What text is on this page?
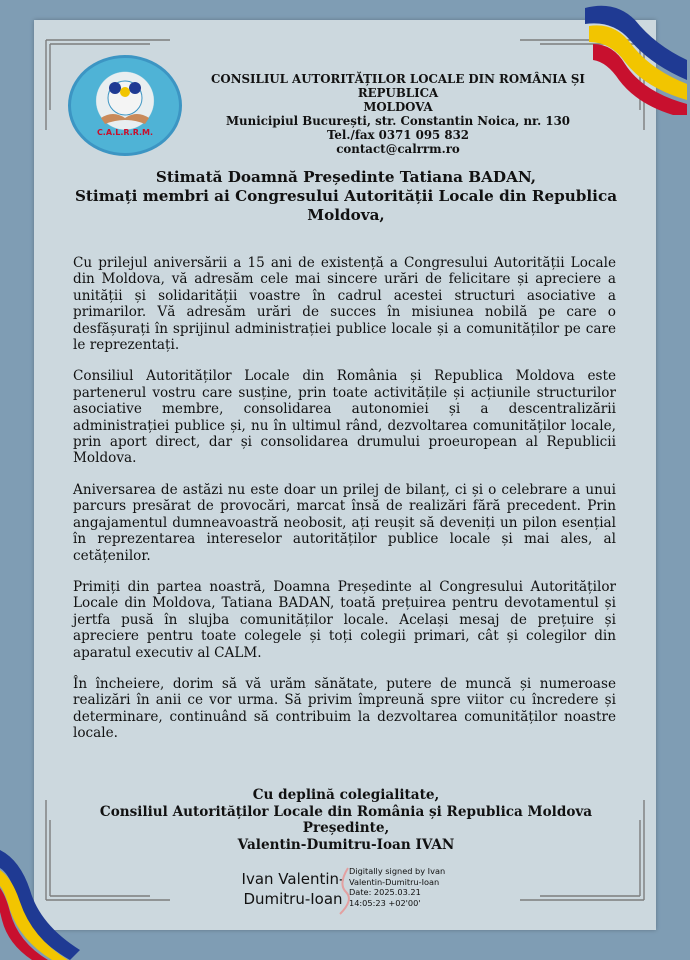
C.A.L.R.R.M.
CONSILIUL AUTORITĂȚILOR LOCALE DIN ROMÂNIA ȘI REPUBLICA
MOLDOVA
Municipiul București, str. Constantin Noica, nr. 130
Tel./fax 0371 095 832
contact@calrrm.ro
Stimată Doamnă Președinte Tatiana BADAN,
Stimați membri ai Congresului Autorității Locale din Republica
Moldova,

Cu prilejul aniversării a 15 ani de existență a Congresului Autorității Locale din Moldova, vă adresăm cele mai sincere urări de felicitare și apreciere a unității și solidarității voastre în cadrul acestei structuri asociative a primarilor. Vă adresăm urări de succes în misiunea nobilă pe care o desfășurați în sprijinul administrației publice locale și a comunităților pe care le reprezentați.

Consiliul Autorităților Locale din România și Republica Moldova este partenerul vostru care susține, prin toate activitățile și acțiunile structurilor asociative membre, consolidarea autonomiei și a descentralizării administrației publice și, nu în ultimul rând, dezvoltarea comunităților locale, prin aport direct, dar și consolidarea drumului proeuropean al Republicii Moldova.

Aniversarea de astăzi nu este doar un prilej de bilanț, ci și o celebrare a unui parcurs presărat de provocări, marcat însă de realizări fără precedent. Prin angajamentul dumneavoastră neobosit, ați reușit să deveniți un pilon esențial în reprezentarea intereselor autorităților publice locale și mai ales, al cetățenilor.

Primiți din partea noastră, Doamna Președinte al Congresului Autorităților Locale din Moldova, Tatiana BADAN, toată prețuirea pentru devotamentul și jertfa pusă în slujba comunităților locale. Același mesaj de prețuire și apreciere pentru toate colegele și toți colegii primari, cât și colegilor din aparatul executiv al CALM.

În încheiere, dorim să vă urăm sănătate, putere de muncă și numeroase realizări în anii ce vor urma. Să privim împreună spre viitor cu încredere și determinare, continuând să contribuim la dezvoltarea comunităților noastre locale.

Cu deplină colegialitate,
Consiliul Autorităților Locale din România și Republica Moldova
Președinte,
Valentin-Dumitru-Ioan IVAN
Ivan Valentin-
Dumitru-Ioan
Digitally signed by Ivan
Valentin-Dumitru-Ioan
Date: 2025.03.21
14:05:23 +02'00'
